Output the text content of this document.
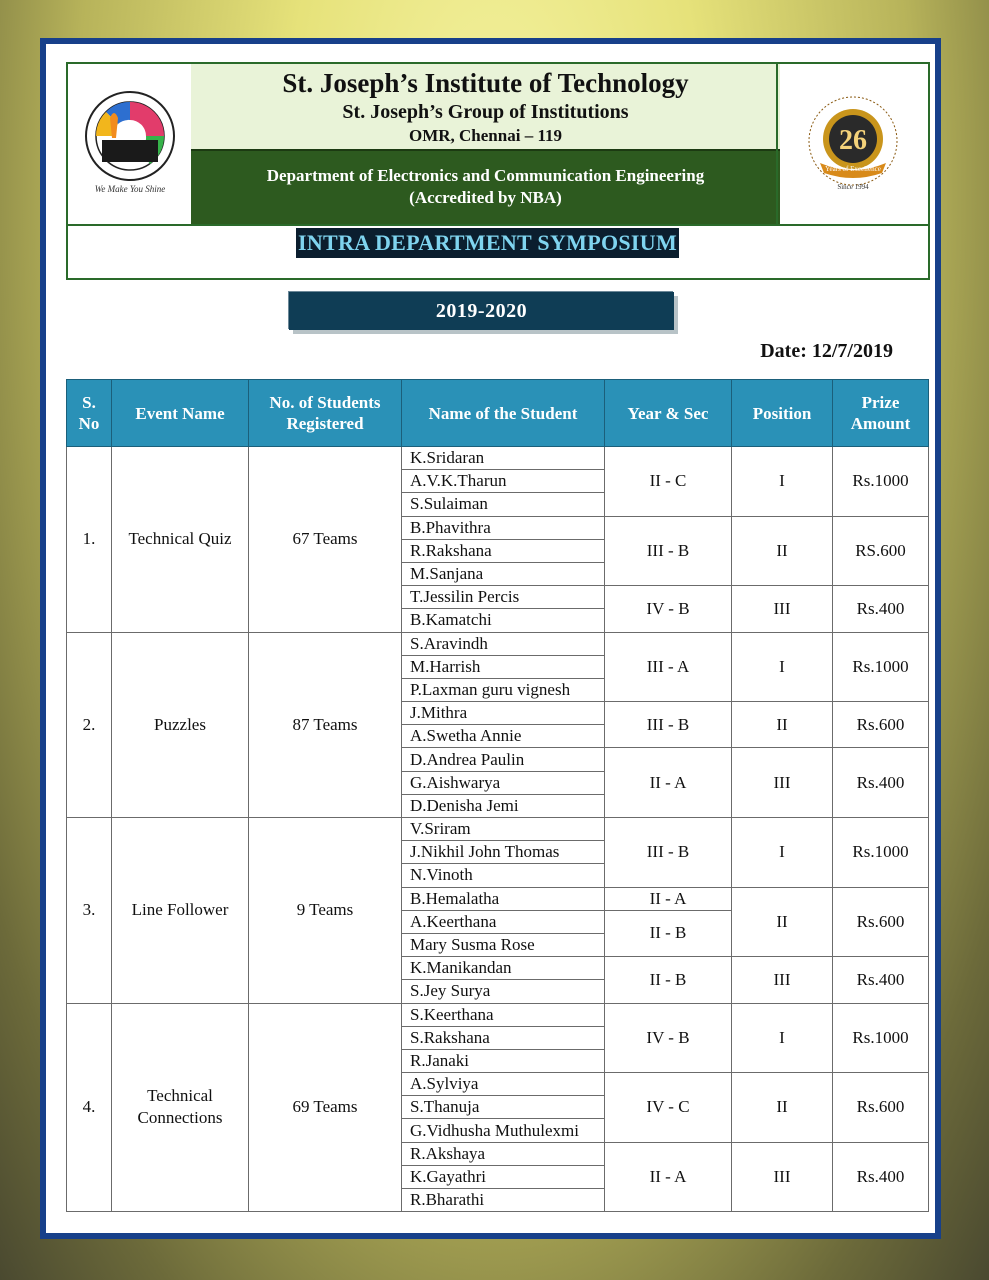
We Make You Shine
St. Joseph’s Institute of Technology
St. Joseph’s Group of Institutions
OMR, Chennai – 119
Department of Electronics and Communication Engineering
(Accredited by NBA)
26
Years of Excellence
Since 1994
INTRA DEPARTMENT SYMPOSIUM
2019-2020
Date: 12/7/2019
S. No	Event Name	No. of Students Registered	Name of the Student	Year & Sec	Position	Prize Amount
1.	Technical Quiz	67 Teams	K.Sridaran	II - C	I	Rs.1000
			A.V.K.Tharun			
			S.Sulaiman			
			B.Phavithra	III - B	II	RS.600
			R.Rakshana			
			M.Sanjana			
			T.Jessilin Percis	IV - B	III	Rs.400
			B.Kamatchi			
2.	Puzzles	87 Teams	S.Aravindh	III - A	I	Rs.1000
			M.Harrish			
			P.Laxman guru vignesh			
			J.Mithra	III - B	II	Rs.600
			A.Swetha Annie			
			D.Andrea Paulin	II - A	III	Rs.400
			G.Aishwarya			
			D.Denisha Jemi			
3.	Line Follower	9 Teams	V.Sriram	III - B	I	Rs.1000
			J.Nikhil John Thomas			
			N.Vinoth			
			B.Hemalatha	II - A	II	Rs.600
			A.Keerthana	II - B		
			Mary Susma Rose			
			K.Manikandan	II - B	III	Rs.400
			S.Jey Surya			
4.	Technical Connections	69 Teams	S.Keerthana	IV - B	I	Rs.1000
			S.Rakshana			
			R.Janaki			
			A.Sylviya	IV - C	II	Rs.600
			S.Thanuja			
			G.Vidhusha Muthulexmi			

			R.Akshaya	II - A	III	Rs.400
			K.Gayathri			
			R.Bharathi			
